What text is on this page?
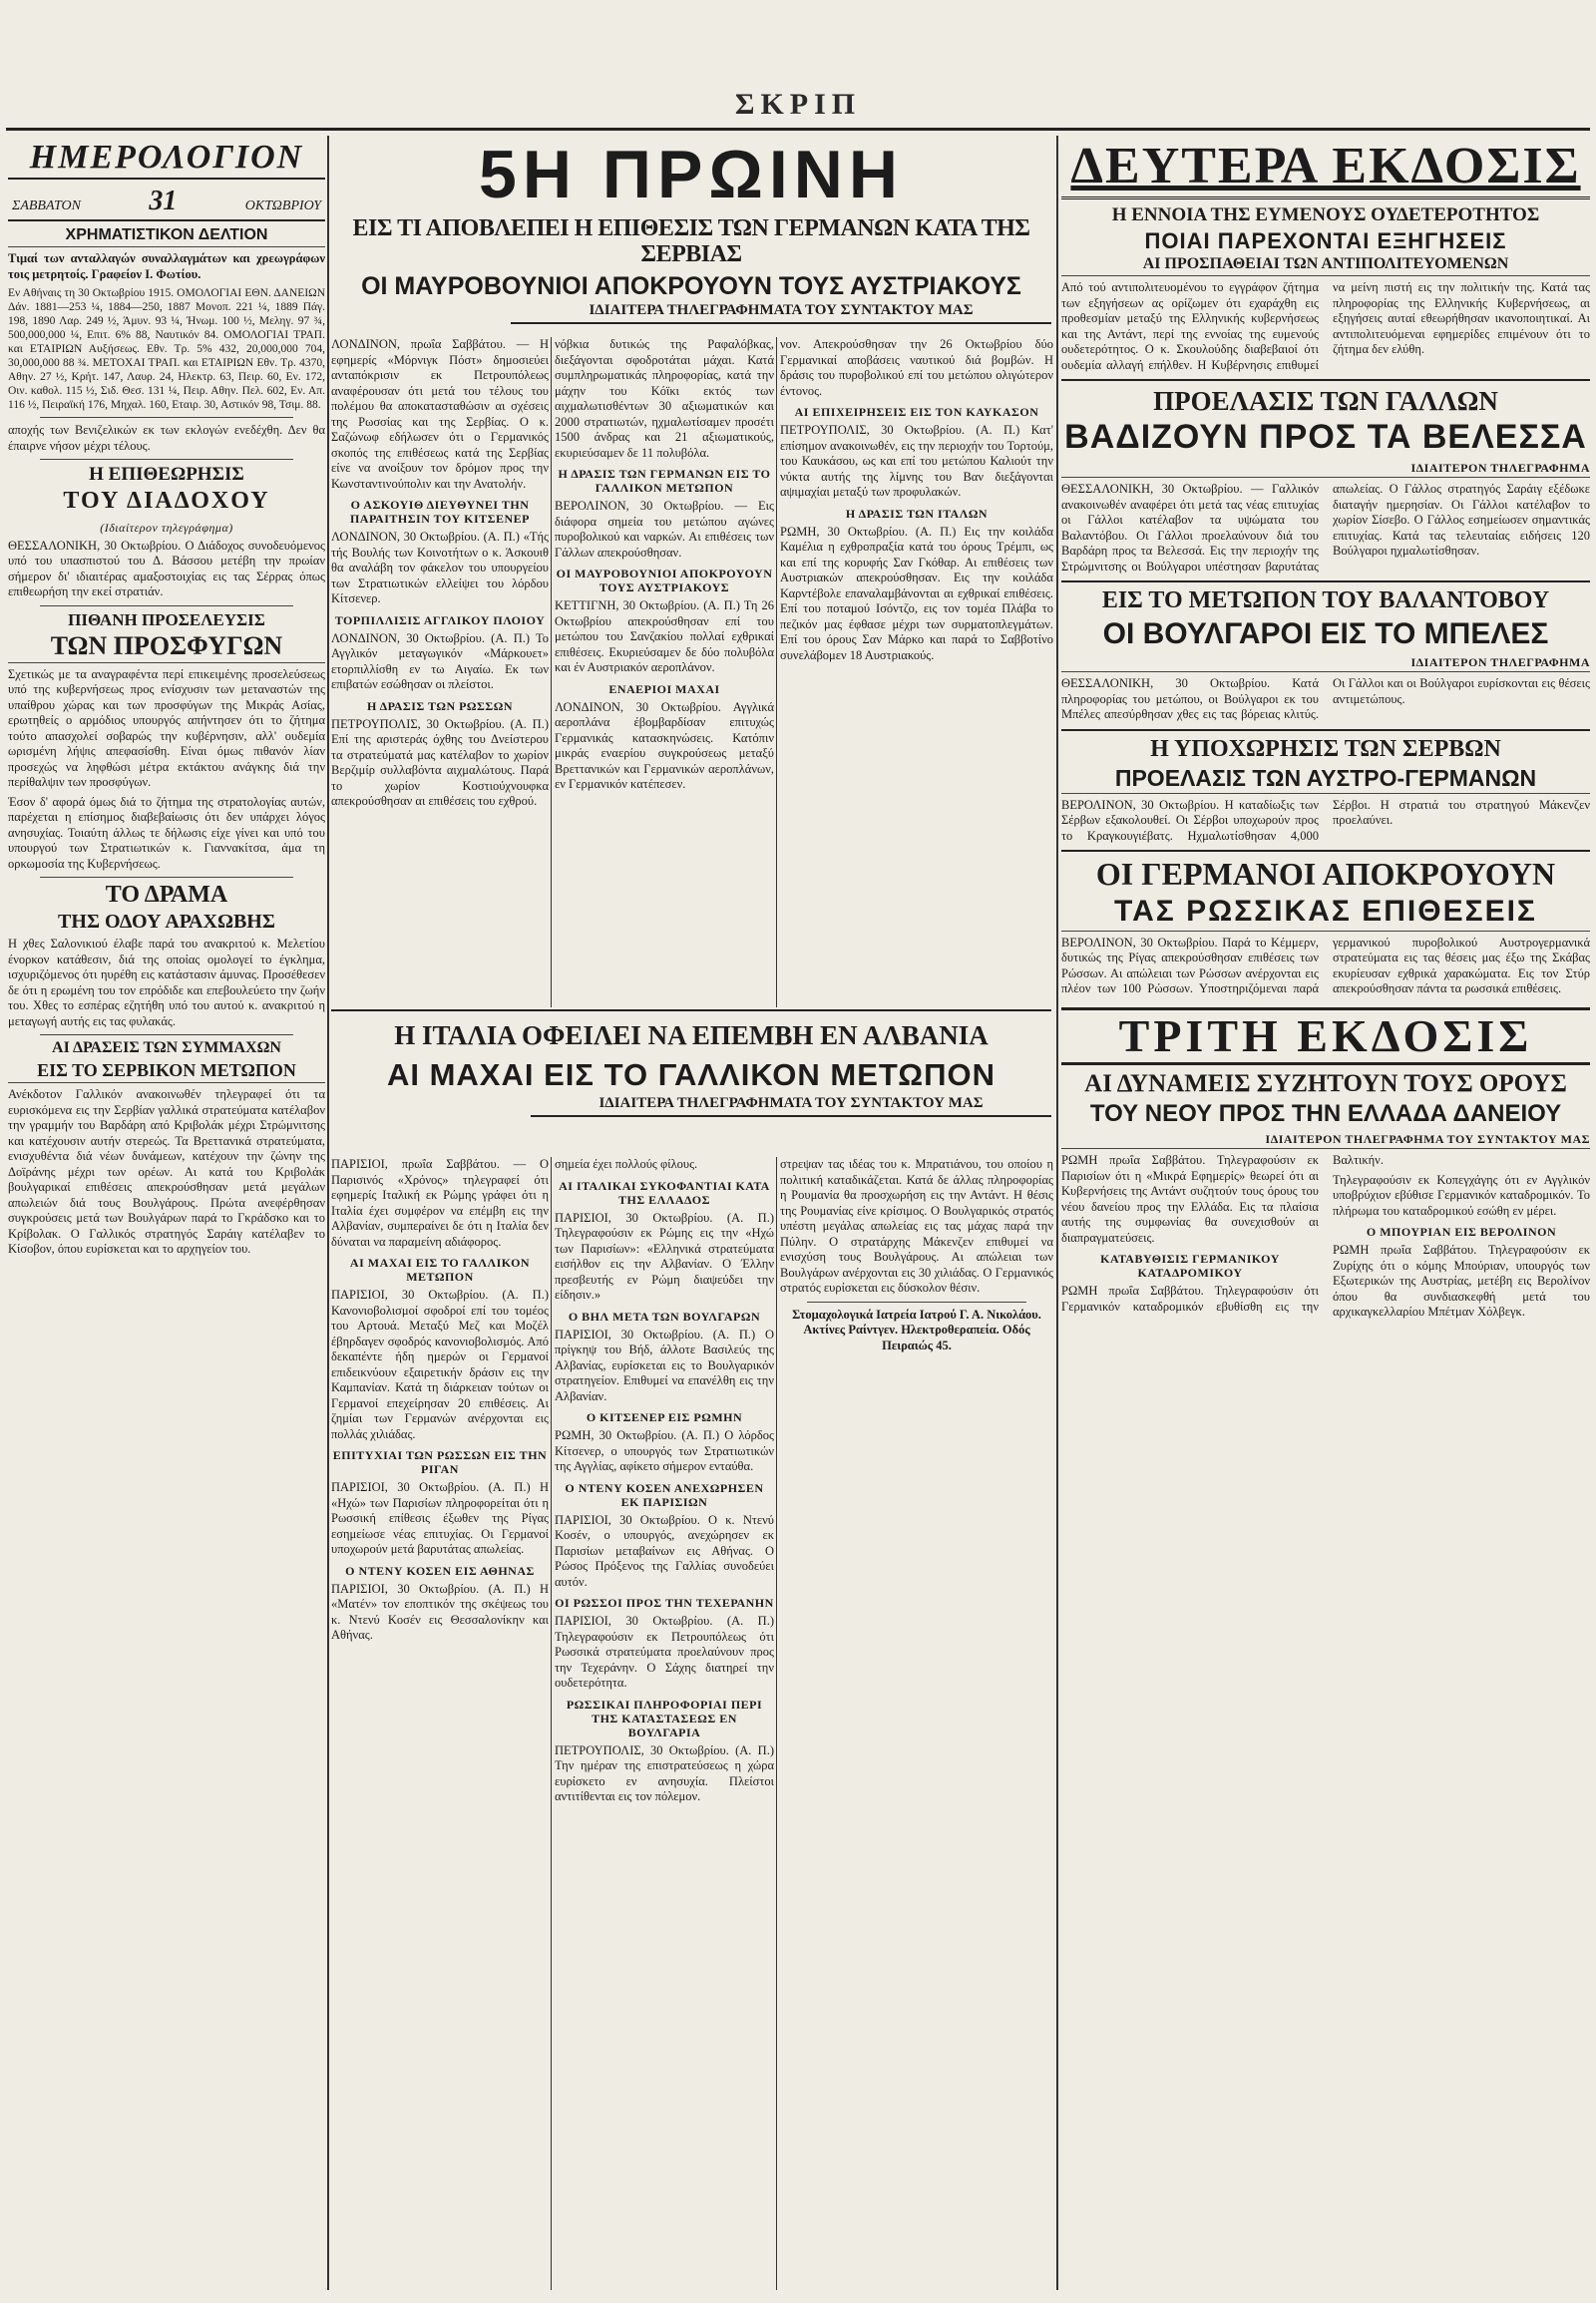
ΣΚΡΙΠ
ΗΜΕΡΟΛΟΓΙΟΝ
ΣΑΒΒΑΤΟΝ 31	ΟΚΤΩΒΡΙΟΥ
ΧΡΗΜΑΤΙΣΤΙΚΟΝ ΔΕΛΤΙΟΝ

Τιμαί των ανταλλαγών συναλλαγμάτων και χρεωγράφων τοις μετρητοίς. Γραφείον Ι. Φωτίου.

Εν Αθήναις τη 30 Οκτωβρίου 1915. ΟΜΟΛΟΓΙΑΙ ΕΘΝ. ΔΑΝΕΙΩΝ Δάν. 1881—253 ¼, 1884—250, 1887 Μονοπ. 221 ¼, 1889 Πάγ. 198, 1890 Λαρ. 249 ½, Άμυν. 93 ¼, Ήνωμ. 100 ½, Μεληγ. 97 ¾, 500,000,000 ¼, Επιτ. 6% 88, Ναυτικόν 84. ΟΜΟΛΟΓΙΑΙ ΤΡΑΠ. και ΕΤΑΙΡΙΩΝ Αυξήσεως. Εθν. Τρ. 5% 432, 20,000,000 704, 30,000,000 88 ¾. ΜΕΤΟΧΑΙ ΤΡΑΠ. και ΕΤΑΙΡΙΩΝ Εθν. Τρ. 4370, Αθην. 27 ½, Κρήτ. 147, Λαυρ. 24, Ηλεκτρ. 63, Πειρ. 60, Εν. 172, Οιν. καθολ. 115 ½, Σιδ. Θεσ. 131 ¼, Πειρ. Αθην. Πελ. 602, Εν. Απ. 116 ½, Πειραϊκή 176, Μηχαλ. 160, Εταιρ. 30, Αστικόν 98, Τσιμ. 88.

αποχής των Βενιζελικών εκ των εκλογών ενεδέχθη. Δεν θα έπαιρνε νήσον μέχρι τέλους.

Η ΕΠΙΘΕΩΡΗΣΙΣ
ΤΟΥ ΔΙΑΔΟΧΟΥ
(Ιδιαίτερον τηλεγράφημα)

ΘΕΣΣΑΛΟΝΙΚΗ, 30 Οκτωβρίου. Ο Διάδοχος συνοδευόμενος υπό του υπασπιστού του Δ. Βάσσου μετέβη την πρωίαν σήμερον δι' ιδιαιτέρας αμαξοστοιχίας εις τας Σέρρας όπως επιθεωρήση την εκεί στρατιάν.

ΠΙΘΑΝΗ ΠΡΟΣΕΛΕΥΣΙΣ
ΤΩΝ ΠΡΟΣΦΥΓΩΝ

Σχετικώς με τα αναγραφέντα περί επικειμένης προσελεύσεως υπό της κυβερνήσεως προς ενίσχυσιν των μεταναστών της υπαίθρου χώρας και των προσφύγων της Μικράς Ασίας, ερωτηθείς ο αρμόδιος υπουργός απήντησεν ότι το ζήτημα τούτο απασχολεί σοβαρώς την κυβέρνησιν, αλλ' ουδεμία ωρισμένη λήψις απεφασίσθη. Είναι όμως πιθανόν λίαν προσεχώς να ληφθώσι μέτρα εκτάκτου ανάγκης διά την περίθαλψιν των προσφύγων.

Έσον δ' αφορά όμως διά το ζήτημα της στρατολογίας αυτών, παρέχεται η επίσημος διαβεβαίωσις ότι δεν υπάρχει λόγος ανησυχίας. Τοιαύτη άλλως τε δήλωσις είχε γίνει και υπό του υπουργού των Στρατιωτικών κ. Γιαννακίτσα, άμα τη ορκωμοσία της Κυβερνήσεως.

ΤΟ ΔΡΑΜΑ
ΤΗΣ ΟΔΟΥ ΑΡΑΧΩΒΗΣ

Η χθες Σαλονικιού έλαβε παρά του ανακριτού κ. Μελετίου ένορκον κατάθεσιν, διά της οποίας ομολογεί το έγκλημα, ισχυριζόμενος ότι ηυρέθη εις κατάστασιν άμυνας. Προσέθεσεν δε ότι η ερωμένη του τον επρόδιδε και επεβουλεύετο την ζωήν του. Χθες το εσπέρας εζητήθη υπό του αυτού κ. ανακριτού η μεταγωγή αυτής εις τας φυλακάς.

ΑΙ ΔΡΑΣΕΙΣ ΤΩΝ ΣΥΜΜΑΧΩΝ
ΕΙΣ ΤΟ ΣΕΡΒΙΚΟΝ ΜΕΤΩΠΟΝ

Ανέκδοτον Γαλλικόν ανακοινωθέν τηλεγραφεί ότι τα ευρισκόμενα εις την Σερβίαν γαλλικά στρατεύματα κατέλαβον την γραμμήν του Βαρδάρη από Κριβολάκ μέχρι Στρώμνιτσης και κατέχουσιν αυτήν στερεώς. Τα Βρεττανικά στρατεύματα, ενισχυθέντα διά νέων δυνάμεων, κατέχουν την ζώνην της Δοϊράνης μέχρι των ορέων. Αι κατά του Κριβολάκ βουλγαρικαί επιθέσεις απεκρούσθησαν μετά μεγάλων απωλειών διά τους Βουλγάρους. Πρώτα ανεφέρθησαν συγκρούσεις μετά των Βουλγάρων παρά το Γκράδσκο και το Κρίβολακ. Ο Γαλλικός στρατηγός Σαράιγ κατέλαβεν το Κίσοβον, όπου ευρίσκεται και το αρχηγείον του.

5Η ΠΡΩΙΝΗ
ΕΙΣ ΤΙ ΑΠΟΒΛΕΠΕΙ Η ΕΠΙΘΕΣΙΣ ΤΩΝ ΓΕΡΜΑΝΩΝ ΚΑΤΑ ΤΗΣ ΣΕΡΒΙΑΣ
ΟΙ ΜΑΥΡΟΒΟΥΝΙΟΙ ΑΠΟΚΡΟΥΟΥΝ ΤΟΥΣ ΑΥΣΤΡΙΑΚΟΥΣ
ΙΔΙΑΙΤΕΡΑ ΤΗΛΕΓΡΑΦΗΜΑΤΑ ΤΟΥ ΣΥΝΤΑΚΤΟΥ ΜΑΣ

ΛΟΝΔΙΝΟΝ, πρωΐα Σαββάτου. — Η εφημερίς «Μόρνιγκ Πόστ» δημοσιεύει ανταπόκρισιν εκ Πετρουπόλεως αναφέρουσαν ότι μετά του τέλους του πολέμου θα αποκατασταθώσιν αι σχέσεις της Ρωσσίας και της Σερβίας. Ο κ. Σαζώνωφ εδήλωσεν ότι ο Γερμανικός σκοπός της επιθέσεως κατά της Σερβίας είνε να ανοίξουν τον δρόμον προς την Κωνσταντινούπολιν και την Ανατολήν.

Ο ΑΣΚΟΥΙΘ ΔΙΕΥΘΥΝΕΙ ΤΗΝ ΠΑΡΑΙΤΗΣΙΝ ΤΟΥ ΚΙΤΣΕΝΕΡ

ΛΟΝΔΙΝΟΝ, 30 Οκτωβρίου. (Α. Π.) «Τής τής Βουλής των Κοινοτήτων ο κ. Άσκουιθ θα αναλάβη τον φάκελον του υπουργείου των Στρατιωτικών ελλείψει του λόρδου Κίτσενερ.

ΤΟΡΠΙΛΛΙΣΙΣ ΑΓΓΛΙΚΟΥ ΠΛΟΙΟΥ

ΛΟΝΔΙΝΟΝ, 30 Οκτωβρίου. (Α. Π.) Το Αγγλικόν μεταγωγικόν «Μάρκουετ» ετορπιλλίσθη εν τω Αιγαίω. Εκ των επιβατών εσώθησαν οι πλείστοι.

Η ΔΡΑΣΙΣ ΤΩΝ ΡΩΣΣΩΝ

ΠΕΤΡΟΥΠΟΛΙΣ, 30 Οκτωβρίου. (Α. Π.) Επί της αριστεράς όχθης του Δνείστερου τα στρατεύματά μας κατέλαβον το χωρίον Βερζιμίρ συλλαβόντα αιχμαλώτους. Παρά το χωρίον Κοστιούχνουφκα απεκρούσθησαν αι επιθέσεις του εχθρού.

νόβκια δυτικώς της Ραφαλόβκας, διεξάγονται σφοδροτάται μάχαι. Κατά συμπληρωματικάς πληροφορίας, κατά την μάχην του Κόϊκι εκτός των αιχμαλωτισθέντων 30 αξιωματικών και 2000 στρατιωτών, ηχμαλωτίσαμεν πρoσέτι 1500 άνδρας και 21 αξιωματικούς, εκυριεύσαμεν δε 11 πολυβόλα.

Η ΔΡΑΣΙΣ ΤΩΝ ΓΕΡΜΑΝΩΝ ΕΙΣ ΤΟ ΓΑΛΛΙΚΟΝ ΜΕΤΩΠΟΝ

ΒΕΡΟΛΙΝΟΝ, 30 Οκτωβρίου. — Εις διάφορα σημεία του μετώπου αγώνες πυροβολικού και ναρκών. Αι επιθέσεις των Γάλλων απεκρούσθησαν.

ΟΙ ΜΑΥΡΟΒΟΥΝΙΟΙ ΑΠΟΚΡΟΥΟΥΝ ΤΟΥΣ ΑΥΣΤΡΙΑΚΟΥΣ

ΚΕΤΤΙΓΝΗ, 30 Οκτωβρίου. (Α. Π.) Τη 26 Οκτωβρίου απεκρούσθησαν επί του μετώπου του Σανζακίου πολλαί εχθρικαί επιθέσεις. Εκυριεύσαμεν δε δύο πολυβόλα και έν Αυστριακόν αεροπλάνον.

ΕΝΑΕΡΙΟΙ ΜΑΧΑΙ

ΛΟΝΔΙΝΟΝ, 30 Οκτωβρίου. Αγγλικά αεροπλάνα έβομβαρδίσαν επιτυχώς Γερμανικάς κατασκηνώσεις. Κατόπιν μικράς εναερίου συγκρούσεως μεταξύ Βρεττανικών και Γερμανικών αεροπλάνων, εν Γερμανικόν κατέπεσεν.

νον. Απεκρούσθησαν την 26 Οκτωβρίου δύο Γερμανικαί αποβάσεις ναυτικού διά βομβών. Η δράσις του πυροβολικού επί του μετώπου ολιγώτερον έντονος.

ΑΙ ΕΠΙΧΕΙΡΗΣΕΙΣ ΕΙΣ ΤΟΝ ΚΑΥΚΑΣΟΝ

ΠΕΤΡΟΥΠΟΛΙΣ, 30 Οκτωβρίου. (Α. Π.) Κατ' επίσημον ανακοινωθέν, εις την περιοχήν του Τορτούμ, του Καυκάσου, ως και επί του μετώπου Καλιούτ την νύκτα αυτής της λίμνης του Βαν διεξάγονται αψιμαχίαι μεταξύ των προφυλακών.

Η ΔΡΑΣΙΣ ΤΩΝ ΙΤΑΛΩΝ

ΡΩΜΗ, 30 Οκτωβρίου. (Α. Π.) Εις την κοιλάδα Καμέλια η εχθροπραξία κατά του όρους Τρέμπι, ως και επί της κορυφής Σαν Γκόθαρ. Αι επιθέσεις των Αυστριακών απεκρούσθησαν. Εις την κοιλάδα Καρντέβολε επαναλαμβάνονται αι εχθρικαί επιθέσεις. Επί του ποταμού Ισόντζο, εις τον τομέα Πλάβα το πεζικόν μας έφθασε μέχρι των συρματοπλεγμάτων. Επί του όρους Σαν Μάρκο και παρά το Σαββοτίνο συνελάβομεν 18 Αυστριακούς.

Η ΙΤΑΛΙΑ ΟΦΕΙΛΕΙ ΝΑ ΕΠΕΜΒΗ ΕΝ ΑΛΒΑΝΙΑ
ΑΙ ΜΑΧΑΙ ΕΙΣ ΤΟ ΓΑΛΛΙΚΟΝ ΜΕΤΩΠΟΝ
ΙΔΙΑΙΤΕΡΑ ΤΗΛΕΓΡΑΦΗΜΑΤΑ ΤΟΥ ΣΥΝΤΑΚΤΟΥ ΜΑΣ

ΠΑΡΙΣΙΟΙ, πρωΐα Σαββάτου. — Ο Παρισινός «Χρόνος» τηλεγραφεί ότι εφημερίς Ιταλική εκ Ρώμης γράφει ότι η Ιταλία έχει συμφέρον να επέμβη εις την Αλβανίαν, συμπεραίνει δε ότι η Ιταλία δεν δύναται να παραμείνη αδιάφορος.

ΑΙ ΜΑΧΑΙ ΕΙΣ ΤΟ ΓΑΛΛΙΚΟΝ ΜΕΤΩΠΟΝ

ΠΑΡΙΣΙΟΙ, 30 Οκτωβρίου. (Α. Π.) Κανονιοβολισμοί σφοδροί επί του τομέος του Αρτουά. Μεταξύ Μεζ και Μοζέλ έβηρδαγεν σφοδρός κανονιοβολισμός. Από δεκαπέντε ήδη ημερών οι Γερμανοί επιδεικνύουν εξαιρετικήν δράσιν εις την Καμπανίαν. Κατά τη διάρκειαν τούτων οι Γερμανοί επεχείρησαν 20 επιθέσεις. Αι ζημίαι των Γερμανών ανέρχονται εις πολλάς χιλιάδας.

ΕΠΙΤΥΧΙΑΙ ΤΩΝ ΡΩΣΣΩΝ ΕΙΣ ΤΗΝ ΡΙΓΑΝ

ΠΑΡΙΣΙΟΙ, 30 Οκτωβρίου. (Α. Π.) Η «Ηχώ» των Παρισίων πληροφορείται ότι η Ρωσσική επίθεσις έξωθεν της Ρίγας εσημείωσε νέας επιτυχίας. Οι Γερμανοί υποχωρούν μετά βαρυτάτας απωλείας.

Ο ΝΤΕΝΥ ΚΟΣΕΝ ΕΙΣ ΑΘΗΝΑΣ

ΠΑΡΙΣΙΟΙ, 30 Οκτωβρίου. (Α. Π.) Η «Ματέν» τον εποπτικόν της σκέψεως του κ. Ντενύ Κοσέν εις Θεσσαλονίκην και Αθήνας.

σημεία έχει πολλούς φίλους.

ΑΙ ΙΤΑΛΙΚΑΙ ΣΥΚΟΦΑΝΤΙΑΙ ΚΑΤΑ ΤΗΣ ΕΛΛΑΔΟΣ

ΠΑΡΙΣΙΟΙ, 30 Οκτωβρίου. (Α. Π.) Τηλεγραφούσιν εκ Ρώμης εις την «Ηχώ των Παρισίων»: «Ελληνικά στρατεύματα εισήλθον εις την Αλβανίαν. Ο Έλλην πρεσβευτής εν Ρώμη διαψεύδει την είδησιν.»

Ο ΒΗΛ ΜΕΤΑ ΤΩΝ ΒΟΥΛΓΑΡΩΝ

ΠΑΡΙΣΙΟΙ, 30 Οκτωβρίου. (Α. Π.) Ο πρίγκηψ του Βήδ, άλλοτε Βασιλεύς της Αλβανίας, ευρίσκεται εις το Βουλγαρικόν στρατηγείον. Επιθυμεί να επανέλθη εις την Αλβανίαν.

Ο ΚΙΤΣΕΝΕΡ ΕΙΣ ΡΩΜΗΝ

ΡΩΜΗ, 30 Οκτωβρίου. (Α. Π.) Ο λόρδος Κίτσενερ, ο υπουργός των Στρατιωτικών της Αγγλίας, αφίκετο σήμερον ενταύθα.

Ο ΝΤΕΝΥ ΚΟΣΕΝ ΑΝΕΧΩΡΗΣΕΝ ΕΚ ΠΑΡΙΣΙΩΝ

ΠΑΡΙΣΙΟΙ, 30 Οκτωβρίου. Ο κ. Ντενύ Κοσέν, ο υπουργός, ανεχώρησεν εκ Παρισίων μεταβαίνων εις Αθήνας. Ο Ρώσος Πρόξενος της Γαλλίας συνοδεύει αυτόν.

ΟΙ ΡΩΣΣΟΙ ΠΡΟΣ ΤΗΝ ΤΕΧΕΡΑΝΗΝ

ΠΑΡΙΣΙΟΙ, 30 Οκτωβρίου. (Α. Π.) Τηλεγραφούσιν εκ Πετρουπόλεως ότι Ρωσσικά στρατεύματα προελαύνουν προς την Τεχεράνην. Ο Σάχης διατηρεί την ουδετερότητα.

ΡΩΣΣΙΚΑΙ ΠΛΗΡΟΦΟΡΙΑΙ ΠΕΡΙ ΤΗΣ ΚΑΤΑΣΤΑΣΕΩΣ ΕΝ ΒΟΥΛΓΑΡΙΑ

ΠΕΤΡΟΥΠΟΛΙΣ, 30 Οκτωβρίου. (Α. Π.) Την ημέραν της επιστρατεύσεως η χώρα ευρίσκετο εν ανησυχία. Πλείστοι αντιτίθενται εις τον πόλεμον.

στρεψαν τας ιδέας του κ. Μπρατιάνου, του οποίου η πολιτική καταδικάζεται. Κατά δε άλλας πληροφορίας η Ρουμανία θα προσχωρήση εις την Αντάντ. Η θέσις της Ρουμανίας είνε κρίσιμος. Ο Βουλγαρικός στρατός υπέστη μεγάλας απωλείας εις τας μάχας παρά την Πύλην. Ο στρατάρχης Μάκενζεν επιθυμεί να ενισχύση τους Βουλγάρους. Αι απώλειαι των Βουλγάρων ανέρχονται εις 30 χιλιάδας. Ο Γερμανικός στρατός ευρίσκεται εις δύσκολον θέσιν.

Στομαχολογικά Ιατρεία Ιατρού Γ. Α. Νικολάου. Ακτίνες Ραίντγεν. Ηλεκτροθεραπεία. Οδός Πειραιώς 45.

ΔΕΥΤΕΡΑ ΕΚΔΟΣΙΣ
Η ΕΝΝΟΙΑ ΤΗΣ ΕΥΜΕΝΟΥΣ ΟΥΔΕΤΕΡΟΤΗΤΟΣ
ΠΟΙΑΙ ΠΑΡΕΧΟΝΤΑΙ ΕΞΗΓΗΣΕΙΣ
ΑΙ ΠΡΟΣΠΑΘΕΙΑΙ ΤΩΝ ΑΝΤΙΠΟΛΙΤΕΥΟΜΕΝΩΝ

Από τού αντιπολιτευομένου το εγγράφον ζήτημα των εξηγήσεων ας ορίζωμεν ότι εχαράχθη εις προθεσμίαν μεταξύ της Ελληνικής κυβερνήσεως και της Αντάντ, περί της εννοίας της ευμενούς ουδετερότητος. Ο κ. Σκουλούδης διαβεβαιοί ότι ουδεμία αλλαγή επήλθεν. Η Κυβέρνησις επιθυμεί να μείνη πιστή εις την πολιτικήν της. Κατά τας πληροφορίας της Ελληνικής Κυβερνήσεως, αι εξηγήσεις αυταί εθεωρήθησαν ικανοποιητικαί. Αι αντιπολιτευόμεναι εφημερίδες επιμένουν ότι το ζήτημα δεν ελύθη.

ΠΡΟΕΛΑΣΙΣ ΤΩΝ ΓΑΛΛΩΝ
ΒΑΔΙΖΟΥΝ ΠΡΟΣ ΤΑ ΒΕΛΕΣΣΑ
ΙΔΙΑΙΤΕΡΟΝ ΤΗΛΕΓΡΑΦΗΜΑ

ΘΕΣΣΑΛΟΝΙΚΗ, 30 Οκτωβρίου. — Γαλλικόν ανακοινωθέν αναφέρει ότι μετά τας νέας επιτυχίας οι Γάλλοι κατέλαβον τα υψώματα του Βαλαντόβου. Οι Γάλλοι προελαύνουν διά του Βαρδάρη προς τα Βελεσσά. Εις την περιοχήν της Στρώμνιτσης οι Βούλγαροι υπέστησαν βαρυτάτας απωλείας. Ο Γάλλος στρατηγός Σαράιγ εξέδωκε διαταγήν ημερησίαν. Οι Γάλλοι κατέλαβον το χωρίον Σίσεβο. Ο Γάλλος εσημείωσεν σημαντικάς επιτυχίας. Κατά τας τελευταίας ειδήσεις 120 Βούλγαροι ηχμαλωτίσθησαν.

ΕΙΣ ΤΟ ΜΕΤΩΠΟΝ ΤΟΥ ΒΑΛΑΝΤΟΒΟΥ
ΟΙ ΒΟΥΛΓΑΡΟΙ ΕΙΣ ΤΟ ΜΠΕΛΕΣ
ΙΔΙΑΙΤΕΡΟΝ ΤΗΛΕΓΡΑΦΗΜΑ

ΘΕΣΣΑΛΟΝΙΚΗ, 30 Οκτωβρίου. Κατά πληροφορίας του μετώπου, οι Βούλγαροι εκ του Μπέλες απεσύρθησαν χθες εις τας βόρειας κλιτύς. Οι Γάλλοι και οι Βούλγαροι ευρίσκονται εις θέσεις αντιμετώπους.

Η ΥΠΟΧΩΡΗΣΙΣ ΤΩΝ ΣΕΡΒΩΝ
ΠΡΟΕΛΑΣΙΣ ΤΩΝ ΑΥΣΤΡΟ-ΓΕΡΜΑΝΩΝ

ΒΕΡΟΛΙΝΟΝ, 30 Οκτωβρίου. Η καταδίωξις των Σέρβων εξακολουθεί. Οι Σέρβοι υποχωρούν προς το Κραγκουγιέβατς. Ηχμαλωτίσθησαν 4,000 Σέρβοι. Η στρατιά του στρατηγού Μάκενζεν προελαύνει.

ΟΙ ΓΕΡΜΑΝΟΙ ΑΠΟΚΡΟΥΟΥΝ
ΤΑΣ ΡΩΣΣΙΚΑΣ ΕΠΙΘΕΣΕΙΣ

ΒΕΡΟΛΙΝΟΝ, 30 Οκτωβρίου. Παρά το Κέμμερν, δυτικώς της Ρίγας απεκρούσθησαν επιθέσεις των Ρώσσων. Αι απώλειαι των Ρώσσων ανέρχονται εις πλέον των 100 Ρώσσων. Υποστηριζόμεναι παρά γερμανικού πυροβολικού Αυστρογερμανικά στρατεύματα εις τας θέσεις μας έξω της Σκάβας εκυρίευσαν εχθρικά χαρακώματα. Εις τον Στύρ απεκρούσθησαν πάντα τα ρωσσικά επιθέσεις.

ΤΡΙΤΗ ΕΚΔΟΣΙΣ
ΑΙ ΔΥΝΑΜΕΙΣ ΣΥΖΗΤΟΥΝ ΤΟΥΣ ΟΡΟΥΣ
ΤΟΥ ΝΕΟΥ ΠΡΟΣ ΤΗΝ ΕΛΛΑΔΑ ΔΑΝΕΙΟΥ
ΙΔΙΑΙΤΕΡΟΝ ΤΗΛΕΓΡΑΦΗΜΑ ΤΟΥ ΣΥΝΤΑΚΤΟΥ ΜΑΣ

ΡΩΜΗ πρωΐα Σαββάτου. Τηλεγραφούσιν εκ Παρισίων ότι η «Μικρά Εφημερίς» θεωρεί ότι αι Κυβερνήσεις της Αντάντ συζητούν τους όρους του νέου δανείου προς την Ελλάδα. Εις τα πλαίσια αυτής της συμφωνίας θα συνεχισθούν αι διαπραγματεύσεις.

ΚΑΤΑΒΥΘΙΣΙΣ ΓΕΡΜΑΝΙΚΟΥ ΚΑΤΑΔΡΟΜΙΚΟΥ

ΡΩΜΗ πρωΐα Σαββάτου. Τηλεγραφούσιν ότι Γερμανικόν καταδρομικόν εβυθίσθη εις την Βαλτικήν.

Τηλεγραφούσιν εκ Κοπεγχάγης ότι εν Αγγλικόν υποβρύχιον εβύθισε Γερμανικόν καταδρομικόν. Το πλήρωμα του καταδρομικού εσώθη εν μέρει.

Ο ΜΠΟΥΡΙΑΝ ΕΙΣ ΒΕΡΟΛΙΝΟΝ

ΡΩΜΗ πρωΐα Σαββάτου. Τηλεγραφούσιν εκ Ζυρίχης ότι ο κόμης Μπούριαν, υπουργός των Εξωτερικών της Αυστρίας, μετέβη εις Βερολίνον όπου θα συνδιασκεφθή μετά του αρχικαγκελλαρίου Μπέτμαν Χόλβεγκ.
